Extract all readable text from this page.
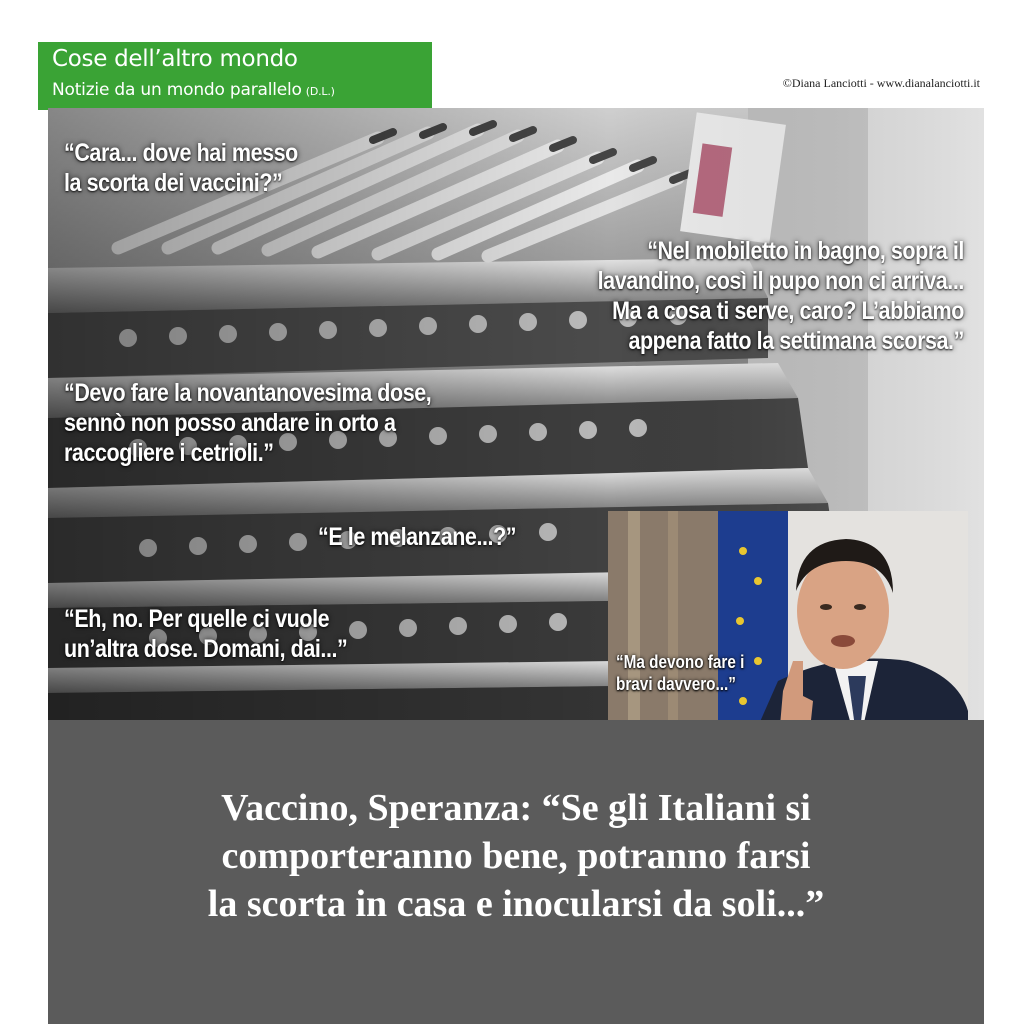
Cose dell’altro mondo
Notizie da un mondo parallelo (D.L.)
©Diana Lanciotti - www.dianalanciotti.it
“Cara... dove hai messo
la scorta dei vaccini?”
“Nel mobiletto in bagno, sopra il
lavandino, così il pupo non ci arriva...
Ma a cosa ti serve, caro? L’abbiamo
appena fatto la settimana scorsa.”
“Devo fare la novantanovesima dose,
sennò non posso andare in orto a
raccogliere i cetrioli.”
“E le melanzane...?”
“Eh, no. Per quelle ci vuole
un’altra dose. Domani, dai...”	“Ma devono fare i
bravi davvero...”
Vaccino, Speranza: “Se gli Italiani si
comporteranno bene, potranno farsi
la scorta in casa e inocularsi da soli...”
